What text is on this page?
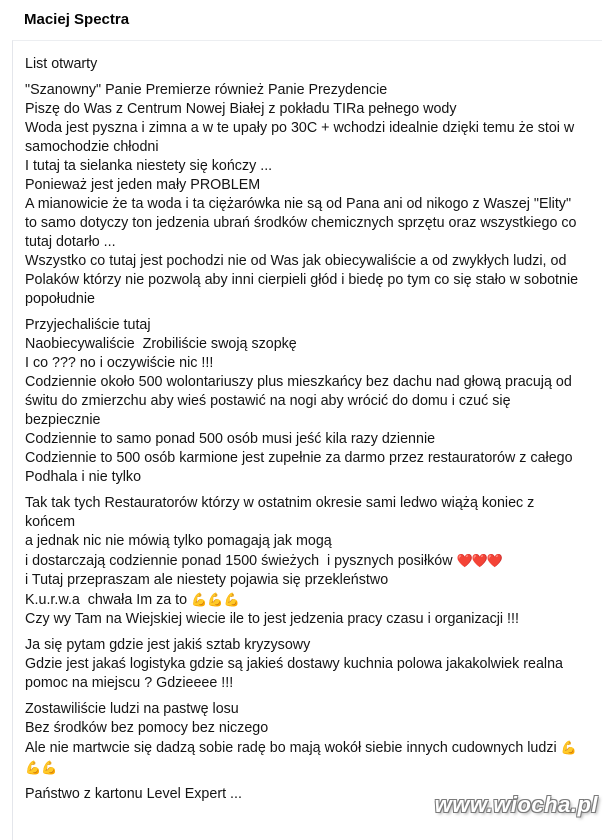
Maciej Spectra
List otwarty
"Szanowny" Panie Premierze również Panie Prezydencie
Piszę do Was z Centrum Nowej Białej z pokładu TIRa pełnego wody
Woda jest pyszna i zimna a w te upały po 30C + wchodzi idealnie dzięki temu że stoi w
samochodzie chłodni
I tutaj ta sielanka niestety się kończy ...
Ponieważ jest jeden mały PROBLEM
A mianowicie że ta woda i ta ciężarówka nie są od Pana ani od nikogo z Waszej "Elity"
to samo dotyczy ton jedzenia ubrań środków chemicznych sprzętu oraz wszystkiego co
tutaj dotarło ...
Wszystko co tutaj jest pochodzi nie od Was jak obiecywaliście a od zwykłych ludzi, od
Polaków którzy nie pozwolą aby inni cierpieli głód i biedę po tym co się stało w sobotnie
popołudnie
Przyjechaliście tutaj
Naobiecywaliście  Zrobiliście swoją szopkę
I co ??? no i oczywiście nic !!!
Codziennie około 500 wolontariuszy plus mieszkańcy bez dachu nad głową pracują od
świtu do zmierzchu aby wieś postawić na nogi aby wrócić do domu i czuć się
bezpiecznie
Codziennie to samo ponad 500 osób musi jeść kila razy dziennie
Codziennie to 500 osób karmione jest zupełnie za darmo przez restauratorów z całego
Podhala i nie tylko
Tak tak tych Restauratorów którzy w ostatnim okresie sami ledwo wiążą koniec z
końcem
a jednak nic nie mówią tylko pomagają jak mogą
i dostarczają codziennie ponad 1500 świeżych  i pysznych posiłków ❤️❤️❤️
i Tutaj przepraszam ale niestety pojawia się przekleństwo
K.u.r.w.a  chwała Im za to 💪💪💪
Czy wy Tam na Wiejskiej wiecie ile to jest jedzenia pracy czasu i organizacji !!!
Ja się pytam gdzie jest jakiś sztab kryzysowy
Gdzie jest jakaś logistyka gdzie są jakieś dostawy kuchnia polowa jakakolwiek realna
pomoc na miejscu ? Gdzieeee !!!
Zostawiliście ludzi na pastwę losu
Bez środków bez pomocy bez niczego
Ale nie martwcie się dadzą sobie radę bo mają wokół siebie innych cudownych ludzi 💪
💪💪
Państwo z kartonu Level Expert ...	www.wiocha.pl
